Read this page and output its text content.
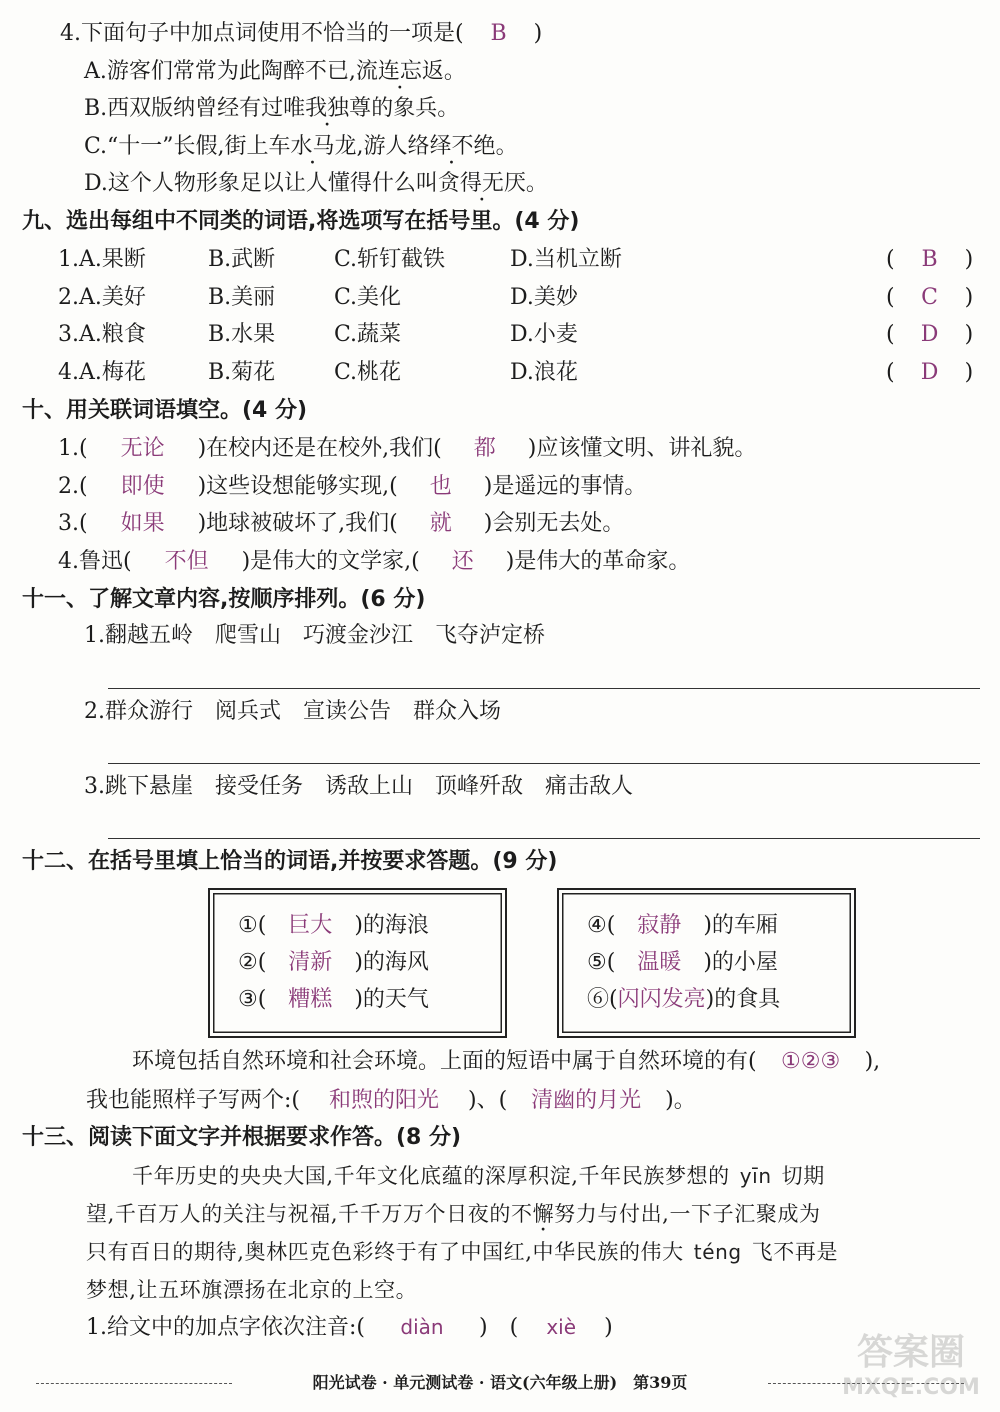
4.下面句子中加点词使用不恰当的一项是( B )
A.游客们常常为此陶醉不已,流连忘返。
B.西双版纳曾经有过唯我独尊的象兵。
C.“十一”长假,街上车水马龙,游人络绎不绝。
D.这个人物形象足以让人懂得什么叫贪得无厌。
九、选出每组中不同类的词语,将选项写在括号里。(4 分)
1.A.果断	B.武断	C.斩钉截铁	D.当机立断	( B )
2.A.美好	B.美丽	C.美化	D.美妙	( C )
3.A.粮食	B.水果	C.蔬菜	D.小麦	( D )
4.A.梅花	B.菊花	C.桃花	D.浪花	( D )
十、用关联词语填空。(4 分)
1.( 无论 )在校内还是在校外,我们( 都 )应该懂文明、讲礼貌。
2.( 即使 )这些设想能够实现,( 也 )是遥远的事情。
3.( 如果 )地球被破坏了,我们( 就 )会别无去处。
4.鲁迅( 不但 )是伟大的文学家,( 还 )是伟大的革命家。
十一、了解文章内容,按顺序排列。(6 分)
1.翻越五岭　爬雪山　巧渡金沙江　飞夺泸定桥
2.群众游行　阅兵式　宣读公告　群众入场
3.跳下悬崖　接受任务　诱敌上山　顶峰歼敌　痛击敌人
十二、在括号里填上恰当的词语,并按要求答题。(9 分)
①( 巨大 )的海浪
②( 清新 )的海风
③( 糟糕 )的天气
④( 寂静 )的车厢
⑤( 温暖 )的小屋
⑥(闪闪发亮)的食具
环境包括自然环境和社会环境。上面的短语中属于自然环境的有( ①②③ ),
我也能照样子写两个:( 和煦的阳光 )、( 清幽的月光 )。
十三、阅读下面文字并根据要求作答。(8 分)
千年历史的央央大国,千年文化底蕴的深厚积淀,千年民族梦想的 yīn 切期
望,千百万人的关注与祝福,千千万万个日夜的不懈努力与付出,一下子汇聚成为
只有百日的期待,奥林匹克色彩终于有了中国红,中华民族的伟大 téng 飞不再是
梦想,让五环旗漂扬在北京的上空。
1.给文中的加点字依次注音:( diàn )　( xiè )
阳光试卷 · 单元测试卷 · 语文(六年级上册)　第39页
答案圈
MXQE.COM
